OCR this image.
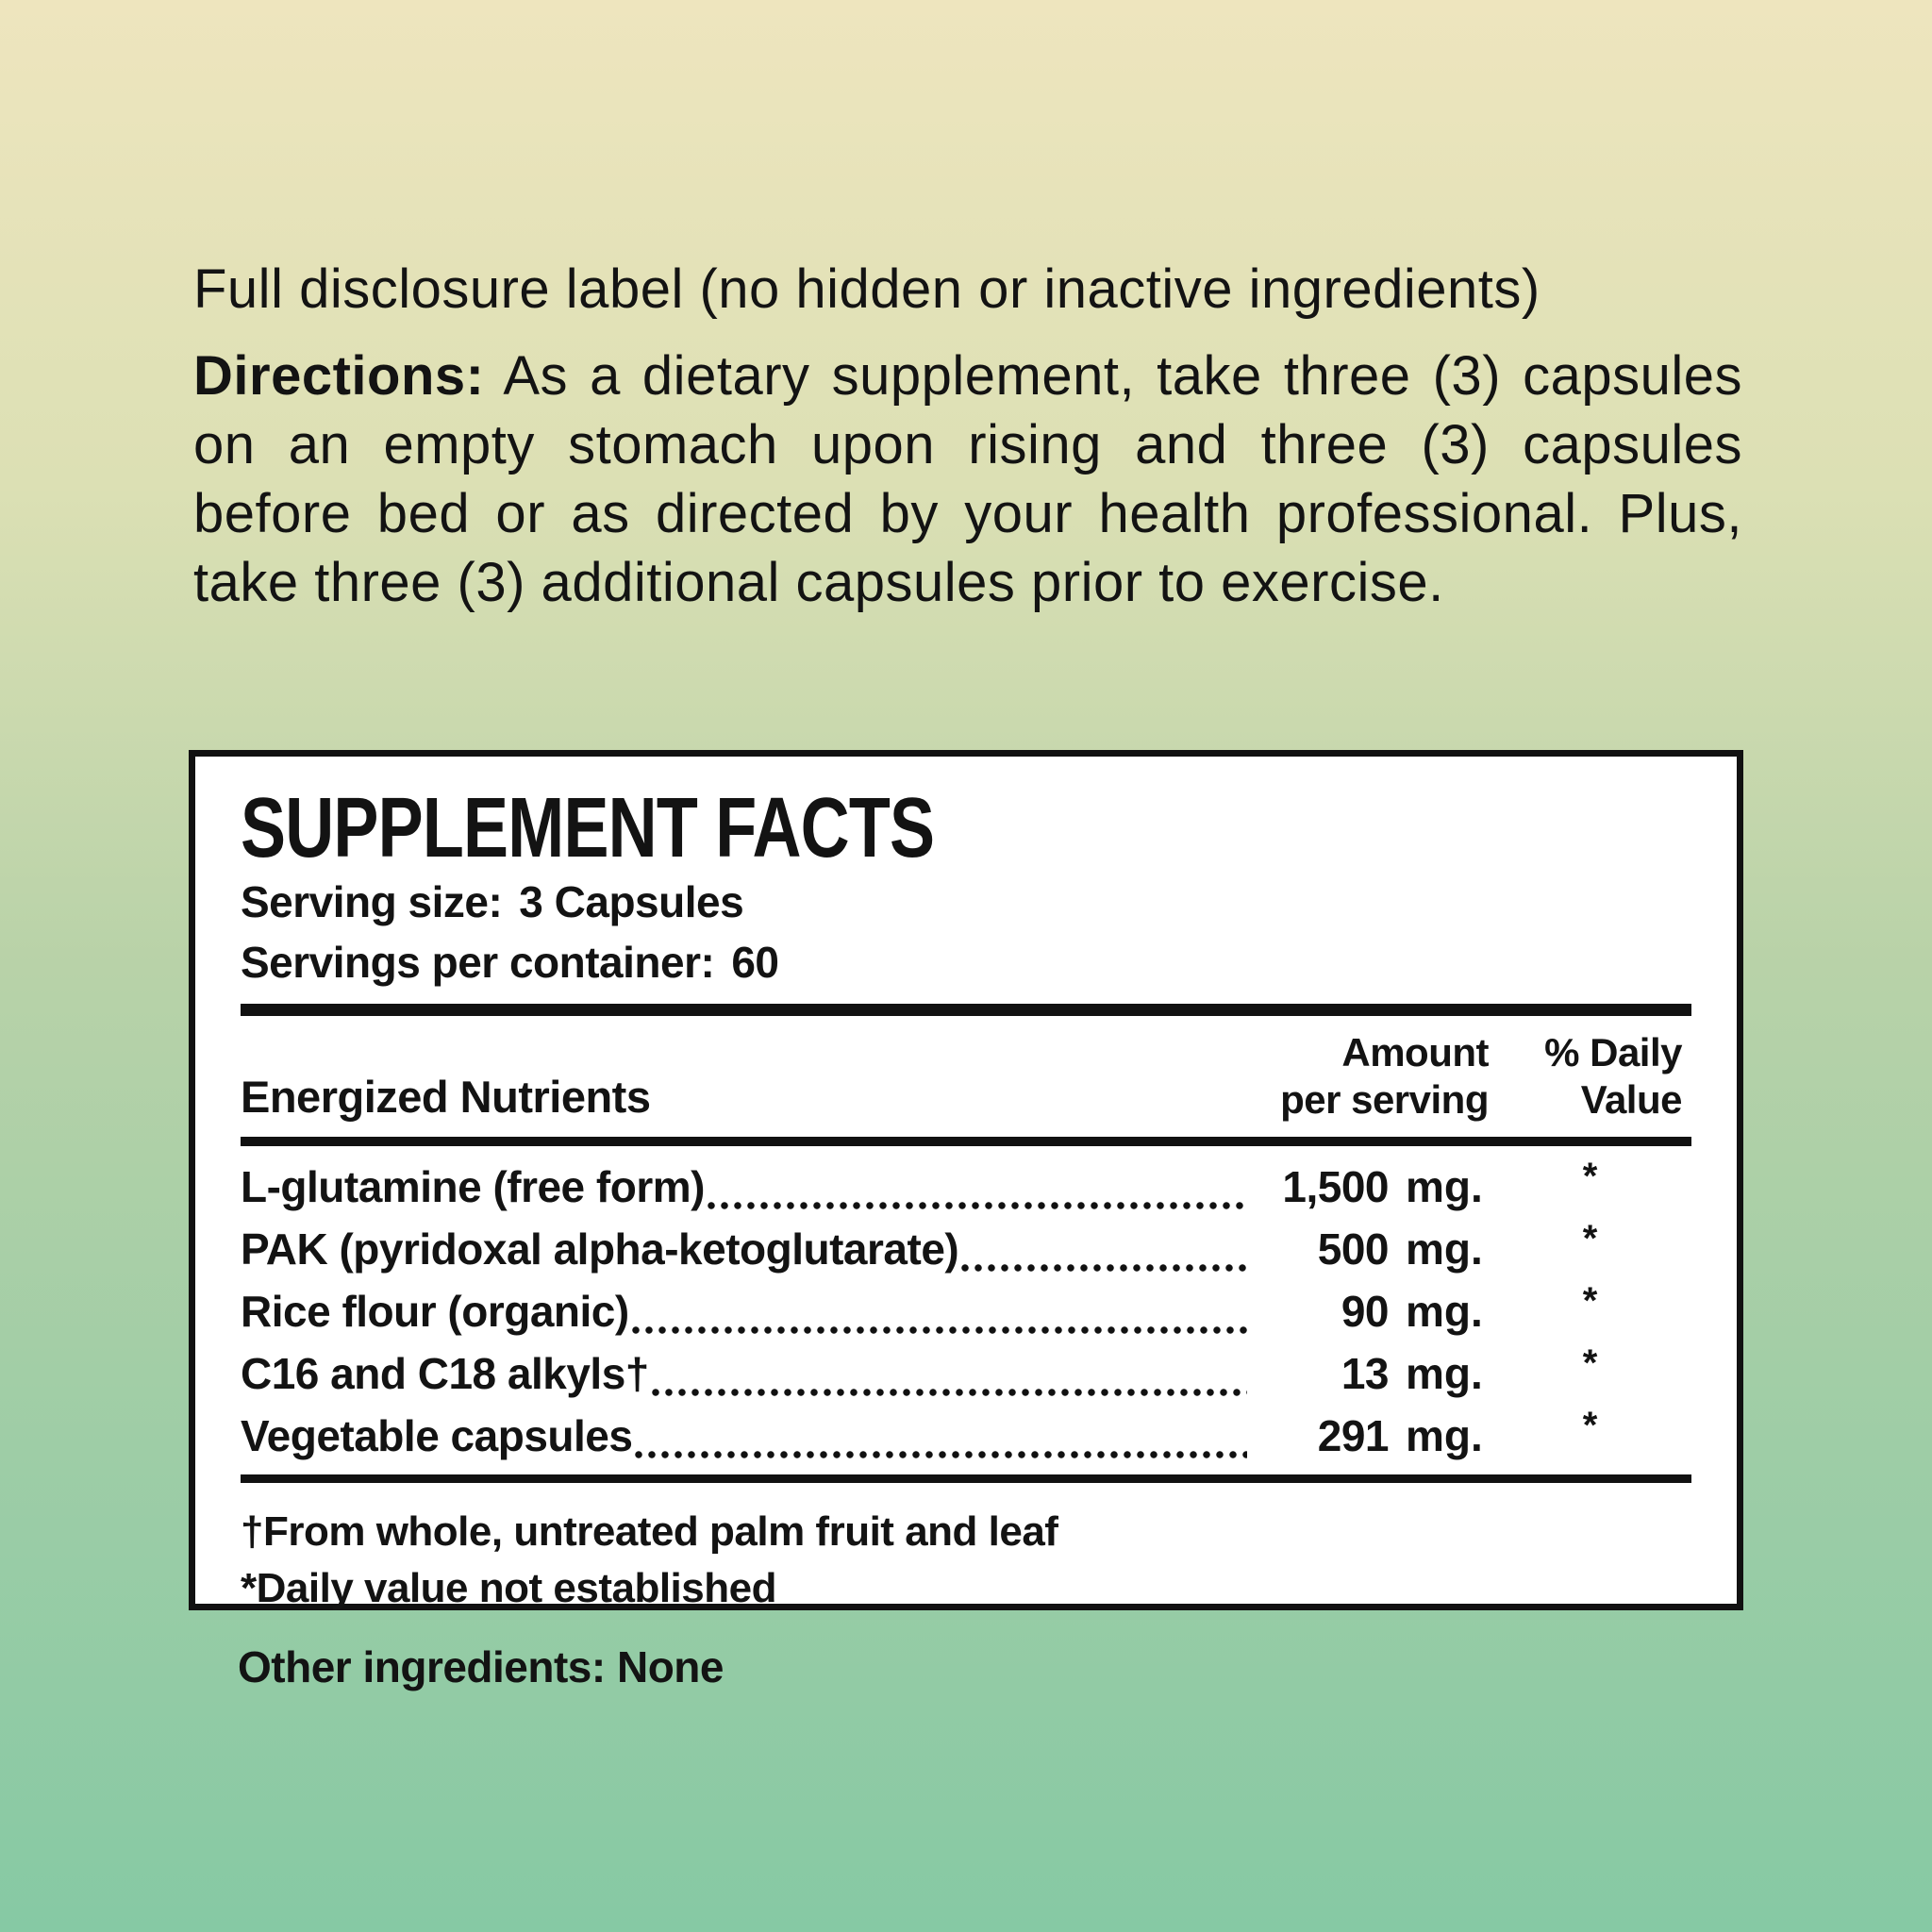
Full disclosure label (no hidden or inactive ingredients)

Directions: As a dietary supplement, take three (3) capsules on an empty stomach upon rising and three (3) capsules before bed or as directed by your health professional. Plus, take three (3) additional capsules prior to exercise.

SUPPLEMENT FACTS
Serving size: 3 Capsules
Servings per container: 60
Energized Nutrients
Amount
per serving
% Daily
Value
L-glutamine (free form)	1,500 mg.	*
PAK (pyridoxal alpha-ketoglutarate)	500 mg.	*
Rice flour (organic)	90 mg.	*
C16 and C18 alkyls†	13 mg.	*
Vegetable capsules	291 mg.	*
†From whole, untreated palm fruit and leaf
*Daily value not established
Other ingredients: None
